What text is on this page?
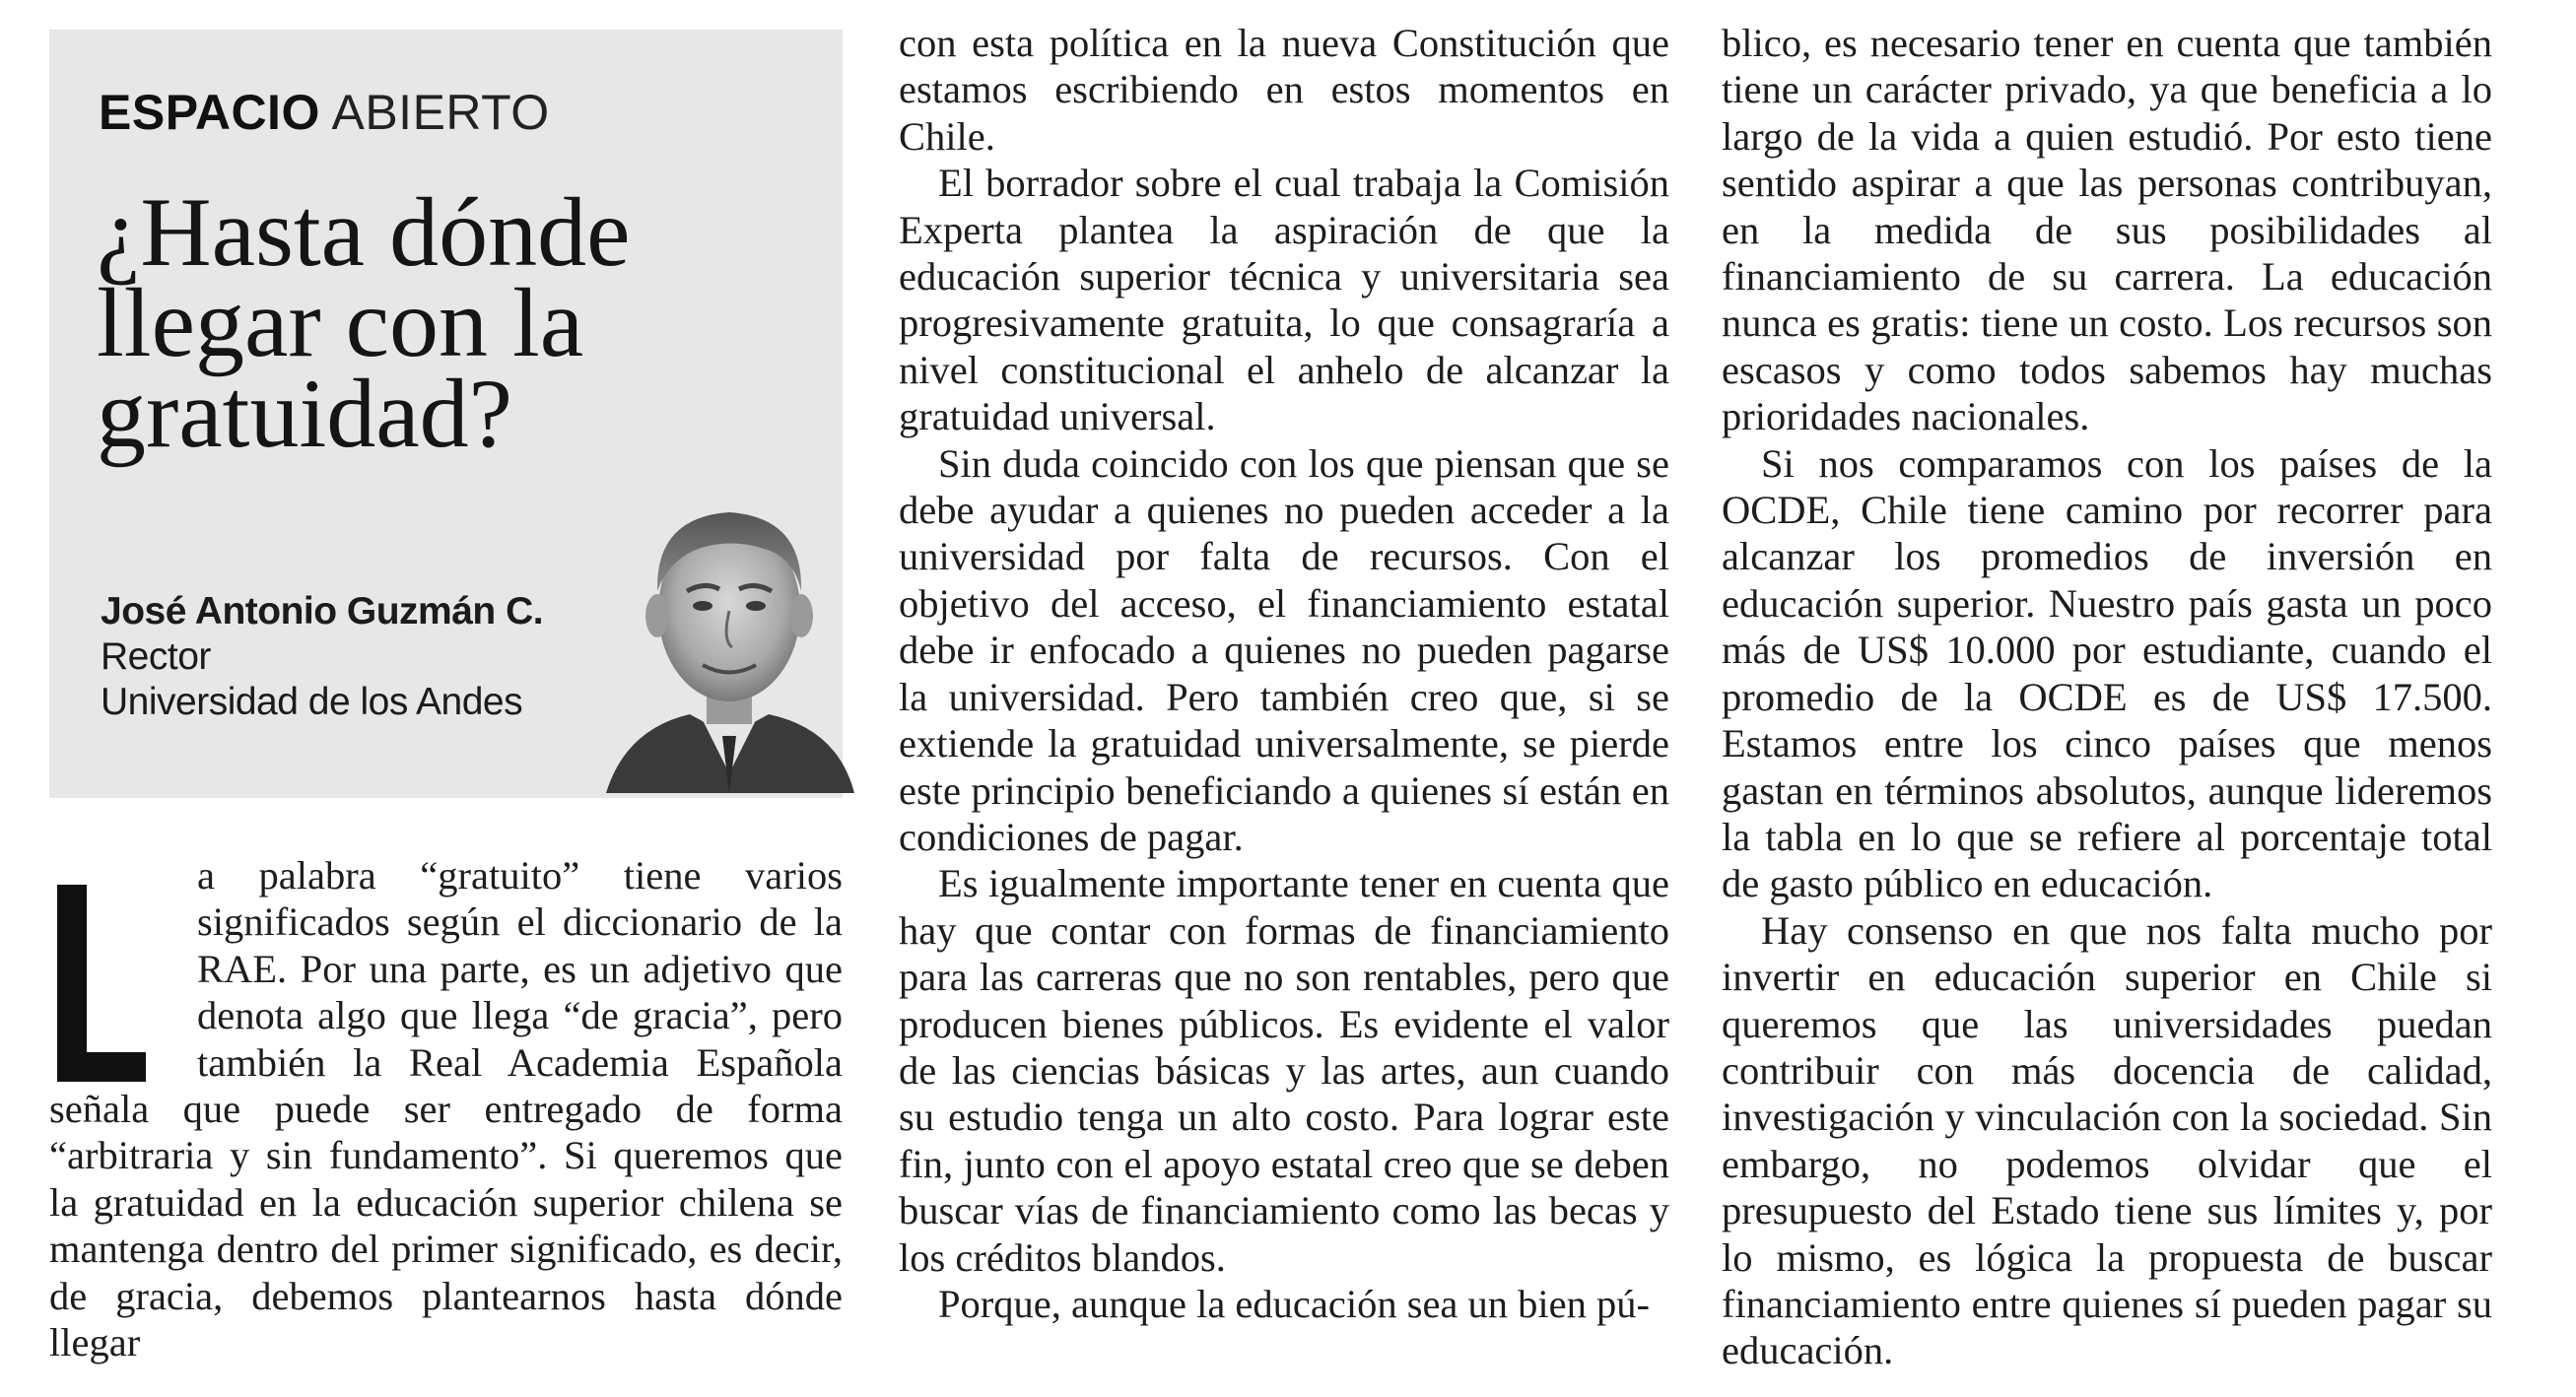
ESPACIO ABIERTO
¿Hasta dónde llegar con la gratuidad?
José Antonio Guzmán C.
Rector
Universidad de los Andes

a palabra “gratuito” tiene varios significados según el diccionario de la RAE. Por una parte, es un adjetivo que denota algo que llega “de gracia”, pero también la Real Academia Española señala que puede ser entregado de forma “arbitraria y sin fundamento”. Si queremos que la gratuidad en la educación superior chilena se mantenga dentro del primer significado, es decir, de gracia, debemos plantearnos hasta dónde llegar

con esta política en la nueva Constitución que estamos escribiendo en estos momentos en Chile.

El borrador sobre el cual trabaja la Comisión Experta plantea la aspiración de que la educación superior técnica y universitaria sea progresivamente gratuita, lo que consagraría a nivel constitucional el anhelo de alcanzar la gratuidad universal.

Sin duda coincido con los que piensan que se debe ayudar a quienes no pueden acceder a la universidad por falta de recursos. Con el objetivo del acceso, el financiamiento estatal debe ir enfocado a quienes no pueden pagarse la universidad. Pero también creo que, si se extiende la gratuidad universalmente, se pierde este principio beneficiando a quienes sí están en condiciones de pagar.

Es igualmente importante tener en cuenta que hay que contar con formas de financiamiento para las carreras que no son rentables, pero que producen bienes públicos. Es evidente el valor de las ciencias básicas y las artes, aun cuando su estudio tenga un alto costo. Para lograr este fin, junto con el apoyo estatal creo que se deben buscar vías de financiamiento como las becas y los créditos blandos.

Porque, aunque la educación sea un bien pú-

blico, es necesario tener en cuenta que también tiene un carácter privado, ya que beneficia a lo largo de la vida a quien estudió. Por esto tiene sentido aspirar a que las personas contribuyan, en la medida de sus posibilidades al financiamiento de su carrera. La educación nunca es gratis: tiene un costo. Los recursos son escasos y como todos sabemos hay muchas prioridades nacionales.

Si nos comparamos con los países de la OCDE, Chile tiene camino por recorrer para alcanzar los promedios de inversión en educación superior. Nuestro país gasta un poco más de US$ 10.000 por estudiante, cuando el promedio de la OCDE es de US$ 17.500. Estamos entre los cinco países que menos gastan en términos absolutos, aunque lideremos la tabla en lo que se refiere al porcentaje total de gasto público en educación.

Hay consenso en que nos falta mucho por invertir en educación superior en Chile si queremos que las universidades puedan contribuir con más docencia de calidad, investigación y vinculación con la sociedad. Sin embargo, no podemos olvidar que el presupuesto del Estado tiene sus límites y, por lo mismo, es lógica la propuesta de buscar financiamiento entre quienes sí pueden pagar su educación.
